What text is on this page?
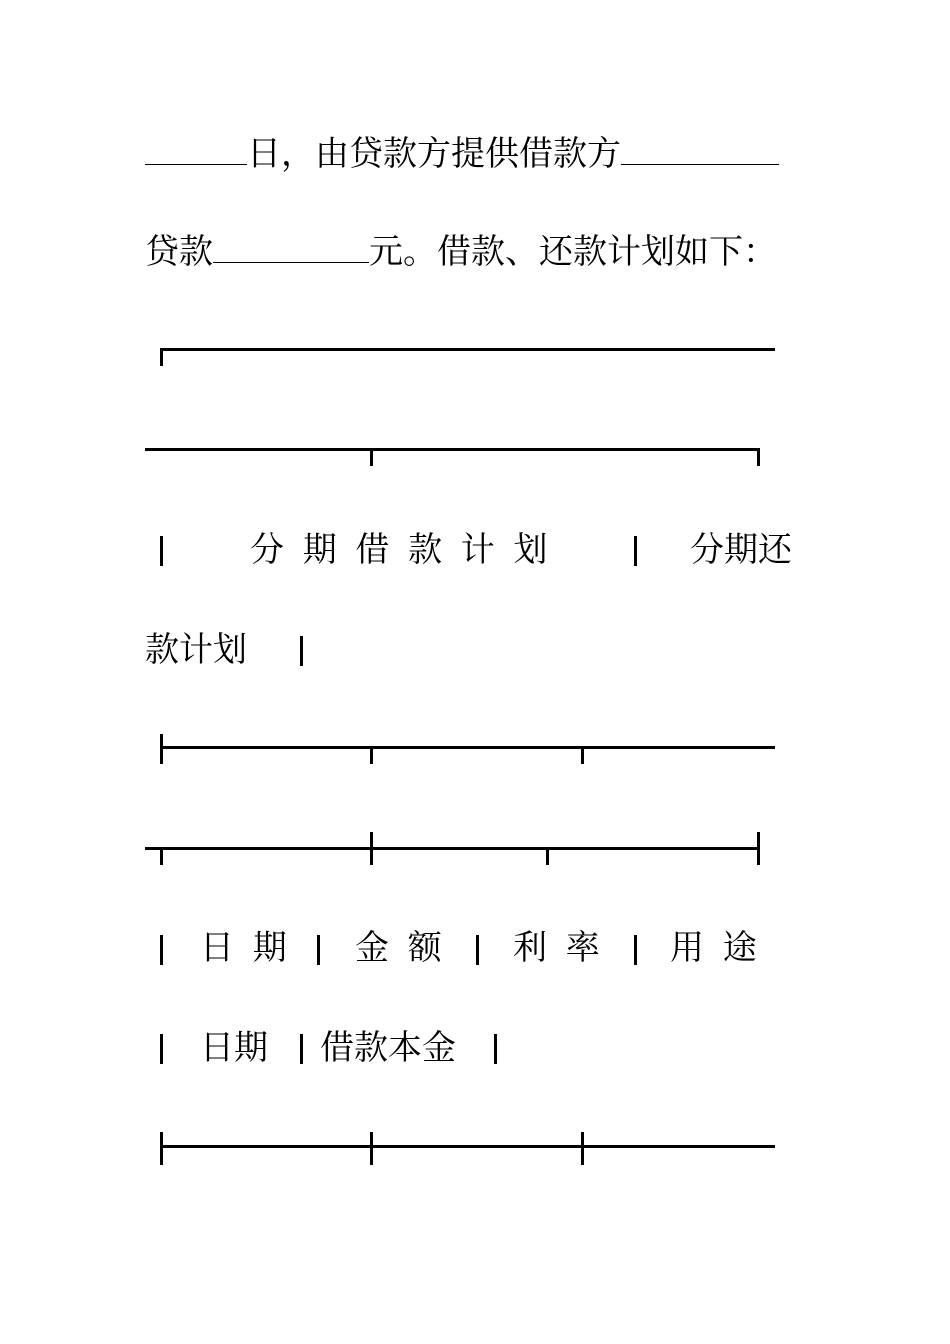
日，由贷款方提供借款方
贷款	元。借款、还款计划如下：
分期借款计划	分期还
款计划
日期 金额 利率 用途
日期 借款本金
